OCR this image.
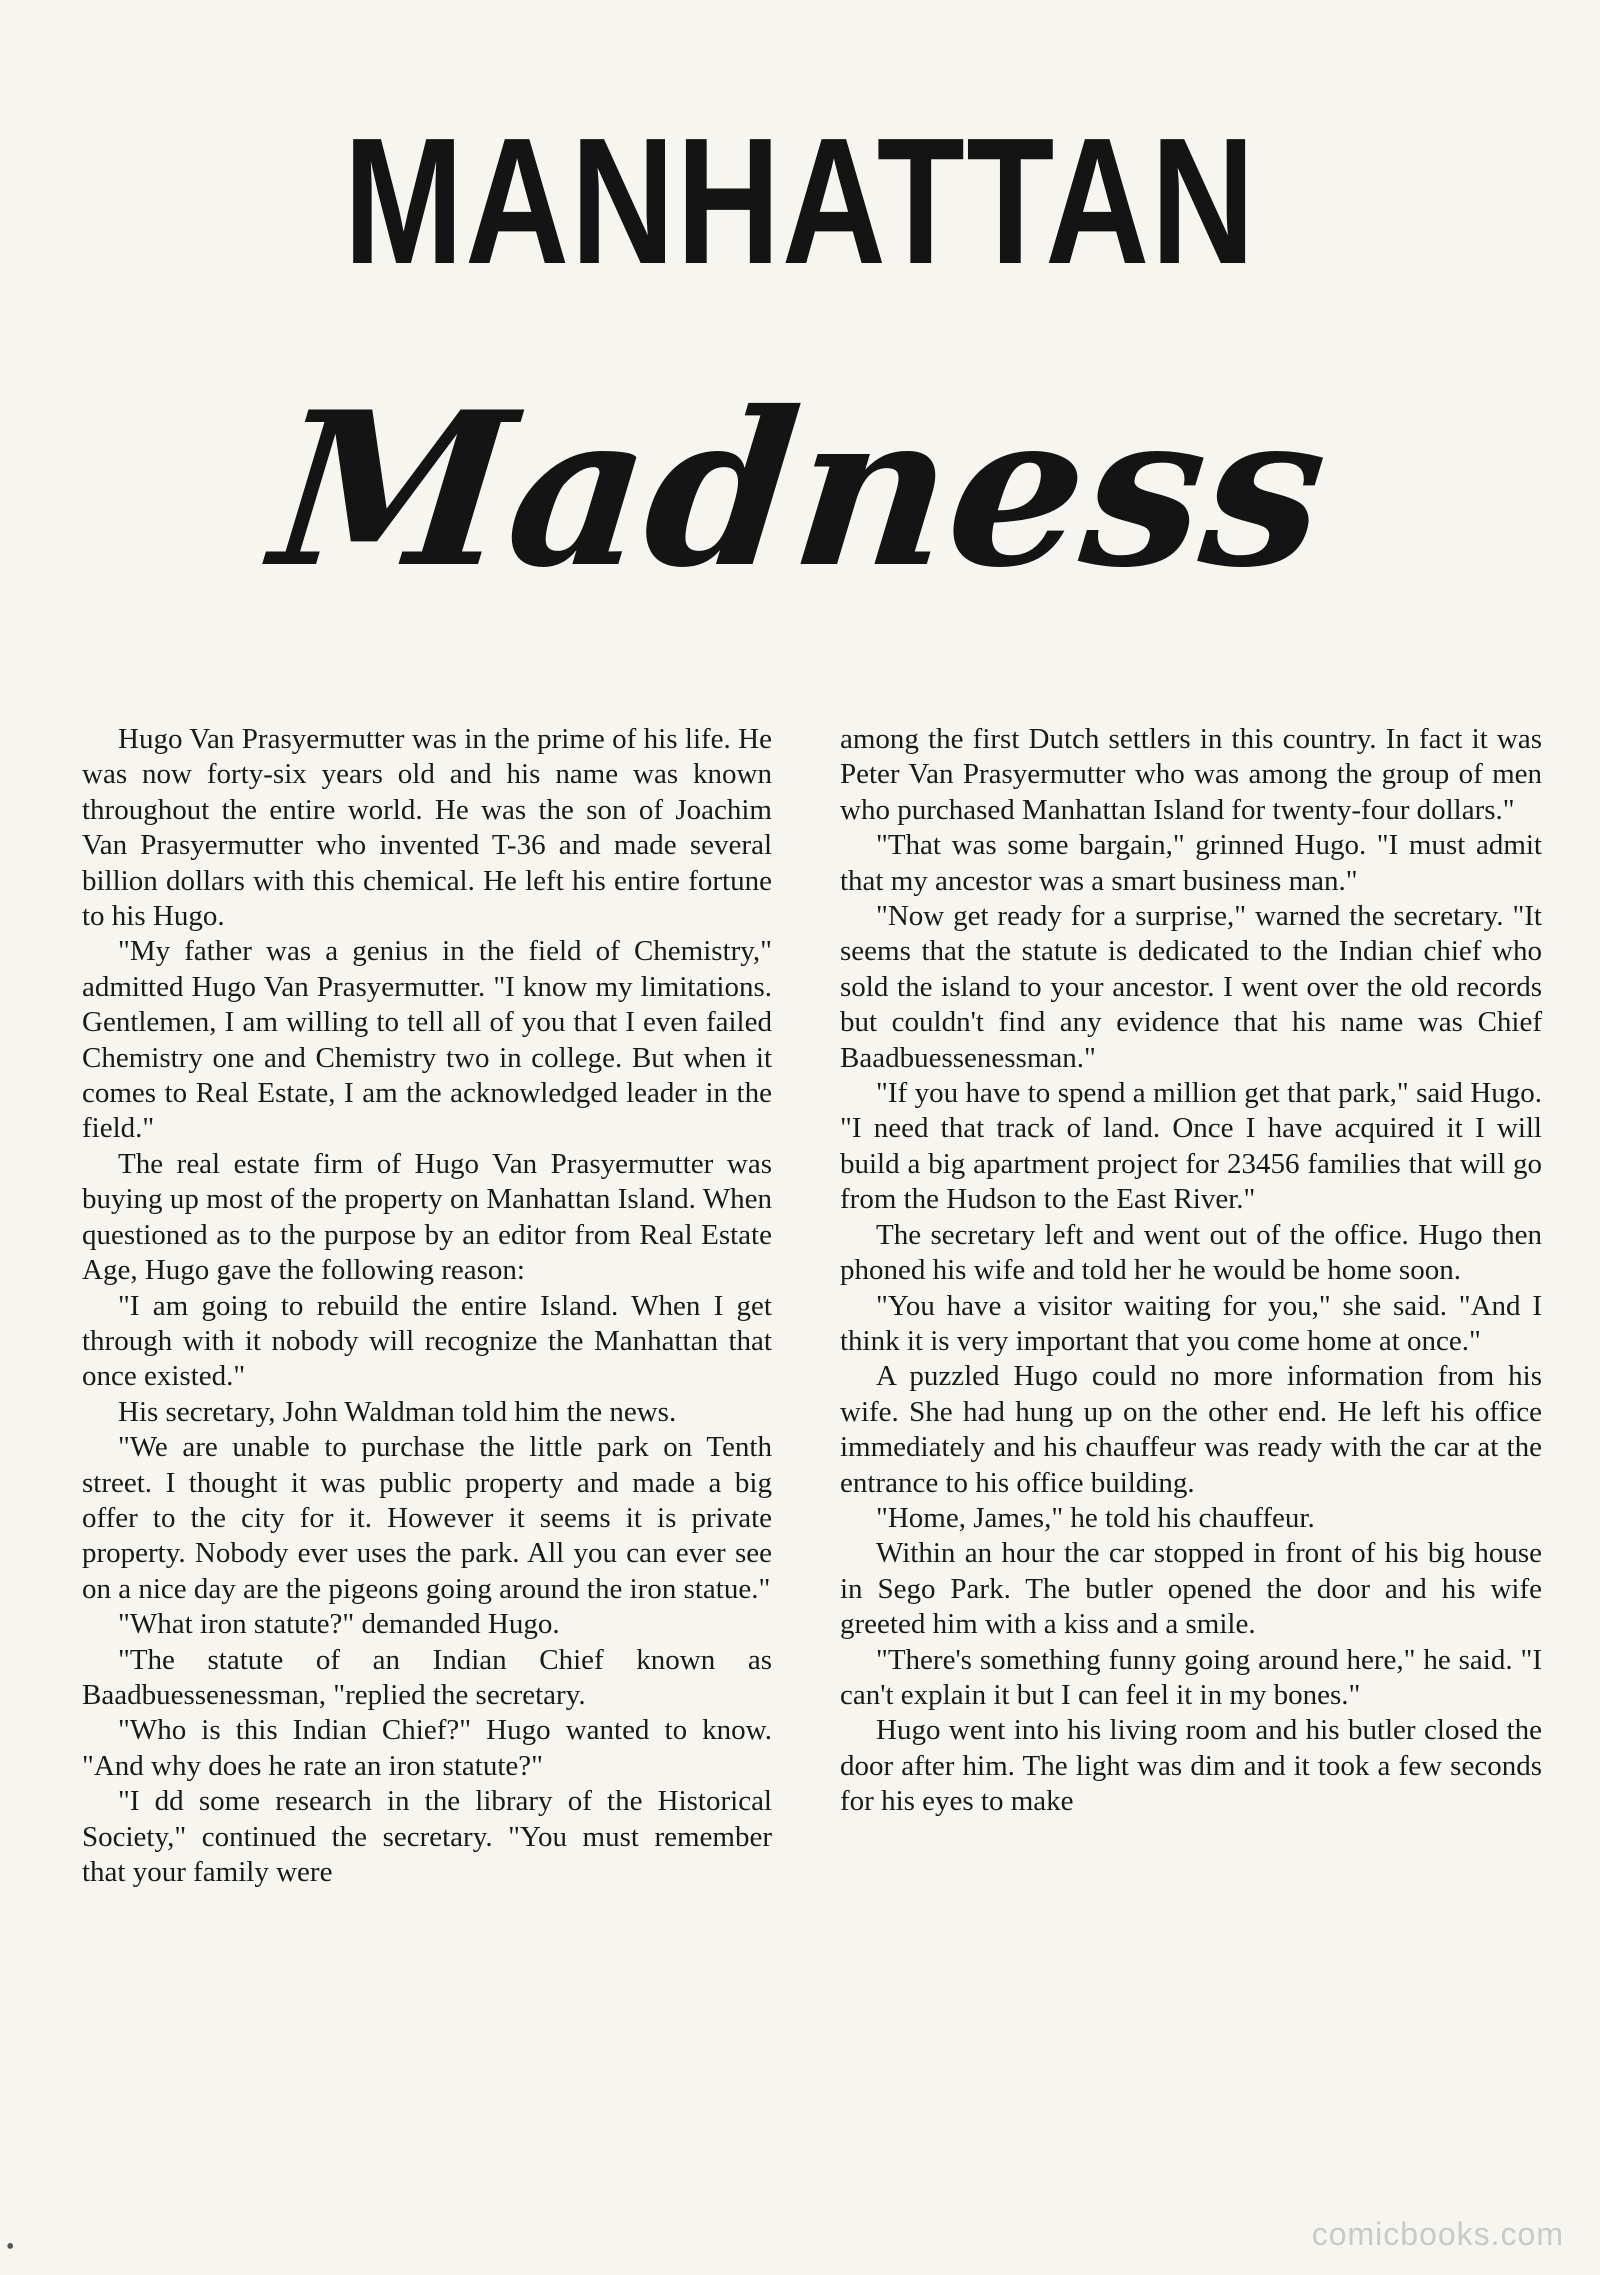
MANHATTAN
Madness

Hugo Van Prasyermutter was in the prime of his life. He was now forty-six years old and his name was known throughout the entire world. He was the son of Joachim Van Prasyermutter who invented T-36 and made several billion dollars with this chemical. He left his entire fortune to his Hugo.

"My father was a genius in the field of Chemistry," admitted Hugo Van Prasyermutter. "I know my limitations. Gentlemen, I am willing to tell all of you that I even failed Chemistry one and Chemistry two in college. But when it comes to Real Estate, I am the acknowledged leader in the field."

The real estate firm of Hugo Van Prasyermutter was buying up most of the property on Manhattan Island. When questioned as to the purpose by an editor from Real Estate Age, Hugo gave the following reason:

"I am going to rebuild the entire Island. When I get through with it nobody will recognize the Manhattan that once existed."

His secretary, John Waldman told him the news.

"We are unable to purchase the little park on Tenth street. I thought it was public property and made a big offer to the city for it. However it seems it is private property. Nobody ever uses the park. All you can ever see on a nice day are the pigeons going around the iron statue."

"What iron statute?" demanded Hugo.

"The statute of an Indian Chief known as Baadbuessenessman, "replied the secretary.

"Who is this Indian Chief?" Hugo wanted to know. "And why does he rate an iron statute?"

"I dd some research in the library of the Historical Society," continued the secretary. "You must remember that your family were

among the first Dutch settlers in this country. In fact it was Peter Van Prasyermutter who was among the group of men who purchased Manhattan Island for twenty-four dollars."

"That was some bargain," grinned Hugo. "I must admit that my ancestor was a smart business man."

"Now get ready for a surprise," warned the secretary. "It seems that the statute is dedicated to the Indian chief who sold the island to your ancestor. I went over the old records but couldn't find any evidence that his name was Chief Baadbuessenessman."

"If you have to spend a million get that park," said Hugo. "I need that track of land. Once I have acquired it I will build a big apartment project for 23456 families that will go from the Hudson to the East River."

The secretary left and went out of the office. Hugo then phoned his wife and told her he would be home soon.

"You have a visitor waiting for you," she said. "And I think it is very important that you come home at once."

A puzzled Hugo could no more information from his wife. She had hung up on the other end. He left his office immediately and his chauffeur was ready with the car at the entrance to his office building.

"Home, James," he told his chauffeur.

Within an hour the car stopped in front of his big house in Sego Park. The butler opened the door and his wife greeted him with a kiss and a smile.

"There's something funny going around here," he said. "I can't explain it but I can feel it in my bones."

Hugo went into his living room and his butler closed the door after him. The light was dim and it took a few seconds for his eyes to make

•	comicbooks.com
